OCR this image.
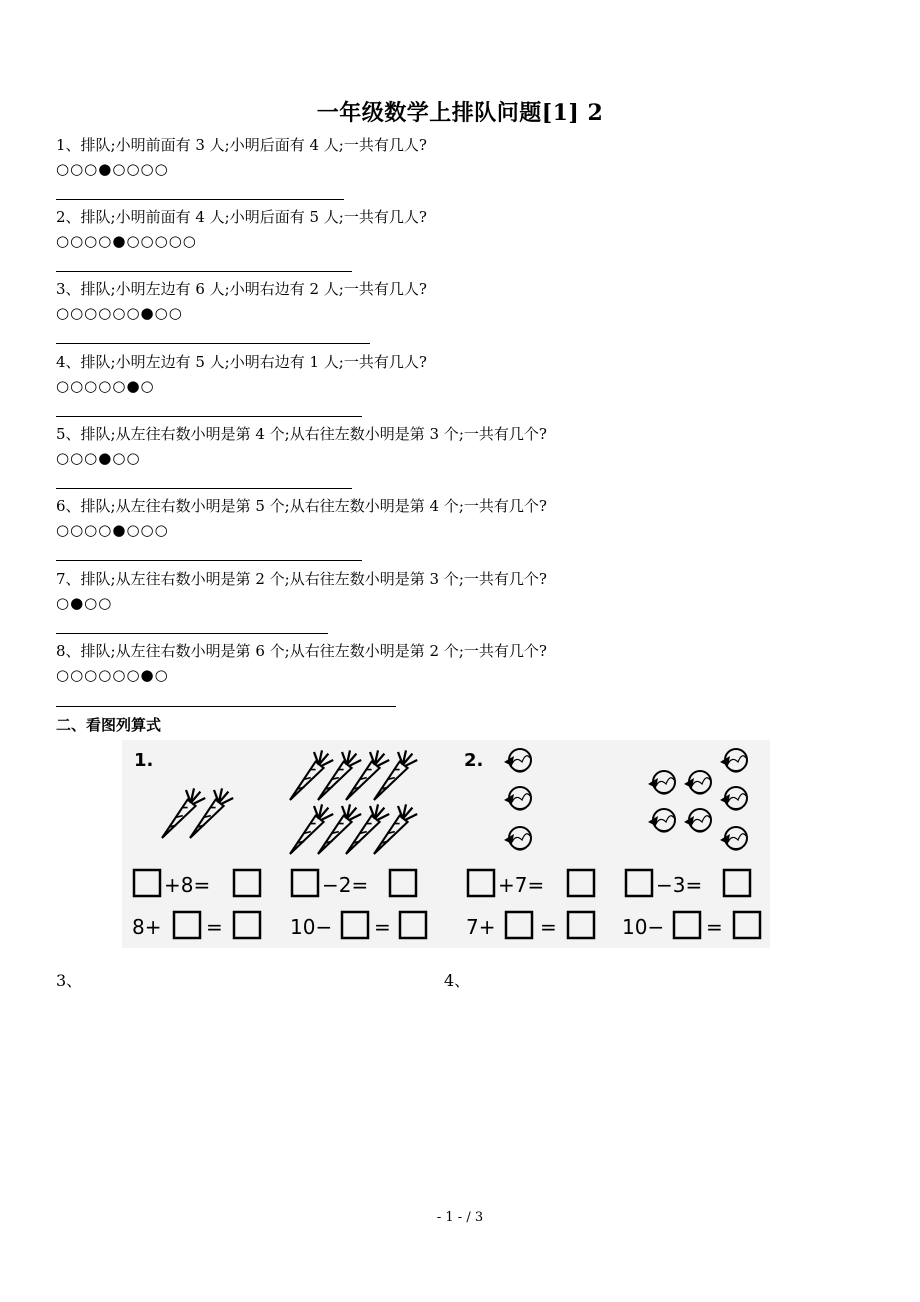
一年级数学上排队问题[1] 2
1、排队;小明前面有 3 人;小明后面有 4 人;一共有几人?
○○○●○○○○
2、排队;小明前面有 4 人;小明后面有 5 人;一共有几人?
○○○○●○○○○○
3、排队;小明左边有 6 人;小明右边有 2 人;一共有几人?
○○○○○○●○○
4、排队;小明左边有 5 人;小明右边有 1 人;一共有几人?
○○○○○●○
5、排队;从左往右数小明是第 4 个;从右往左数小明是第 3 个;一共有几个?
○○○●○○
6、排队;从左往右数小明是第 5 个;从右往左数小明是第 4 个;一共有几个?
○○○○●○○○
7、排队;从左往右数小明是第 2 个;从右往左数小明是第 3 个;一共有几个?
○●○○
8、排队;从左往右数小明是第 6 个;从右往左数小明是第 2 个;一共有几个?
○○○○○○●○
二、看图列算式
1.	2.
+8=
8+ =
−2=
10− =
+7=
7+ =
−3=
10− =
3、	4、
- 1 - / 3
